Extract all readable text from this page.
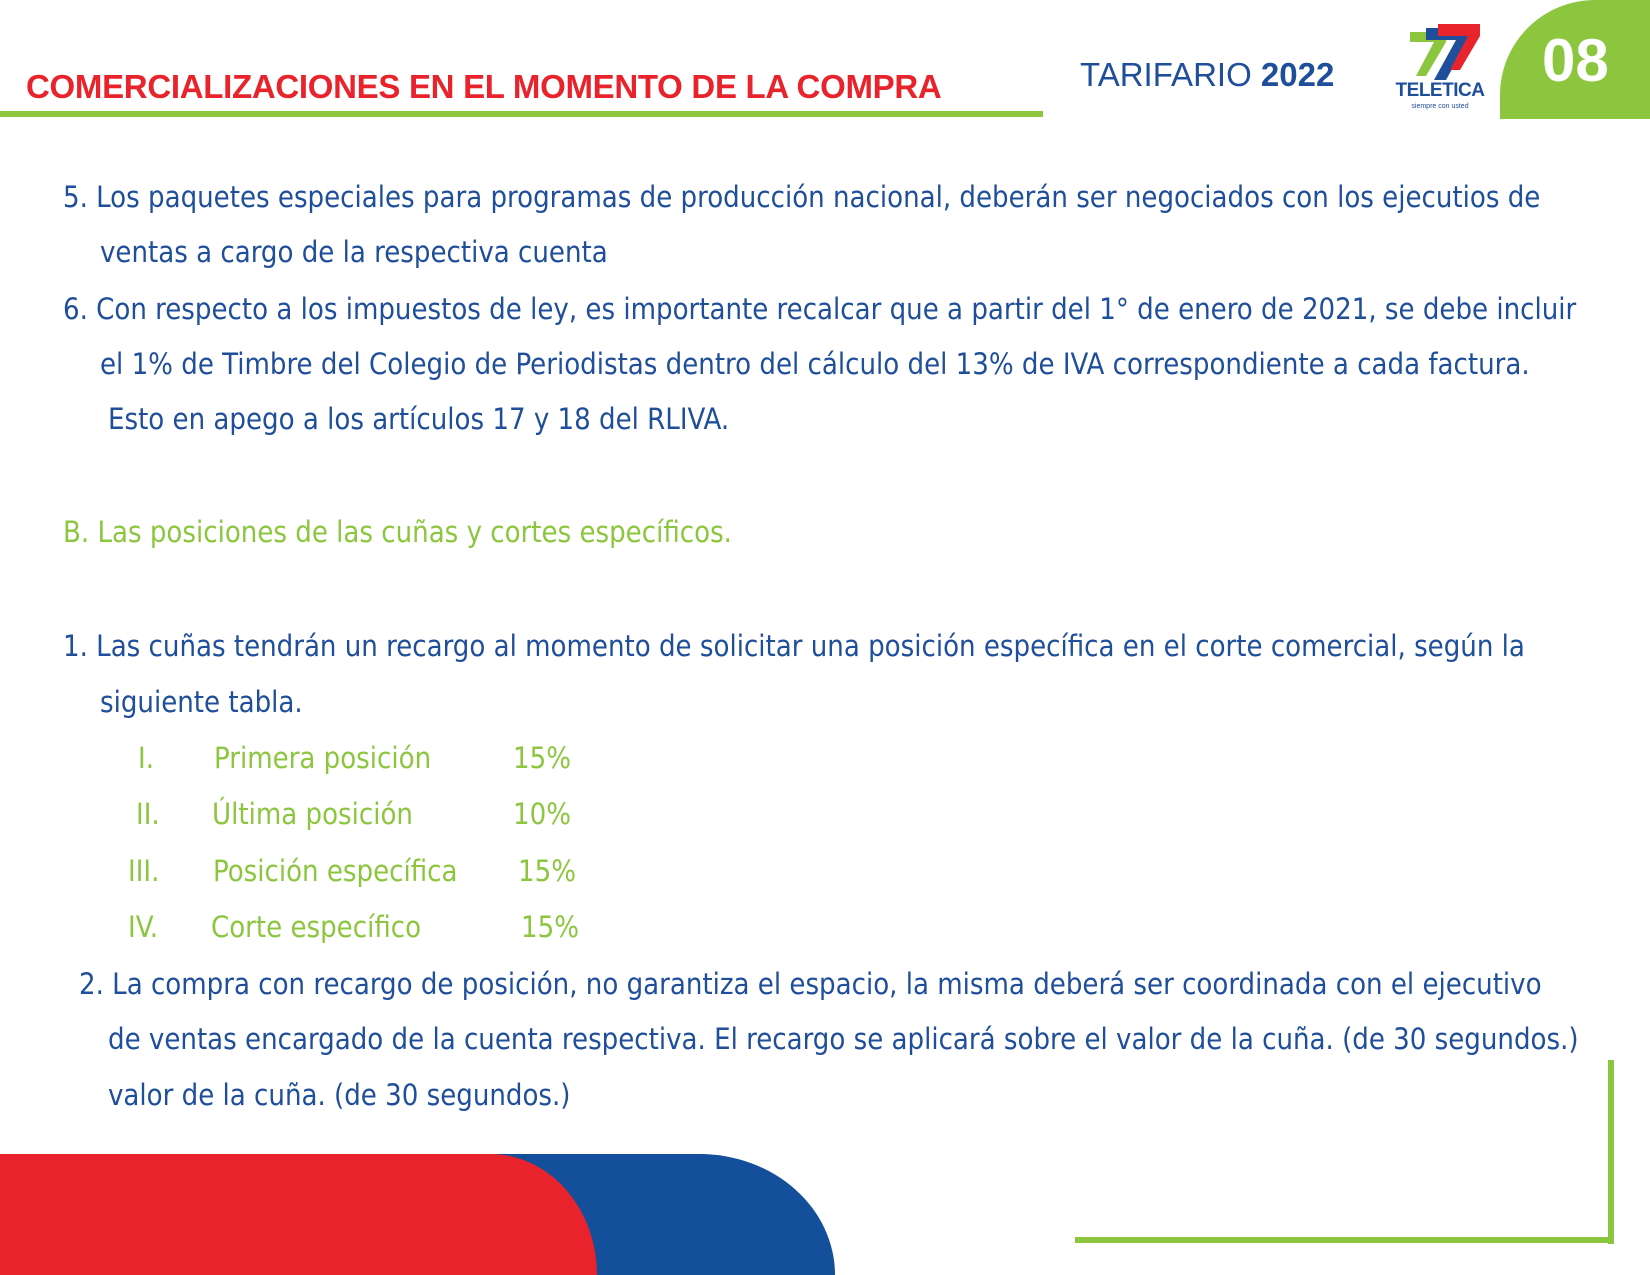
COMERCIALIZACIONES EN EL MOMENTO DE LA COMPRA	TARIFARIO 2022	TELETICA
siempre con usted
08
5. Los paquetes especiales para programas de producción nacional, deberán ser negociados con los ejecutios de
ventas a cargo de la respectiva cuenta
6. Con respecto a los impuestos de ley, es importante recalcar que a partir del 1° de enero de 2021, se debe incluir
el 1% de Timbre del Colegio de Periodistas dentro del cálculo del 13% de IVA correspondiente a cada factura.
Esto en apego a los artículos 17 y 18 del RLIVA.
B. Las posiciones de las cuñas y cortes específicos.
1. Las cuñas tendrán un recargo al momento de solicitar una posición específica en el corte comercial, según la
siguiente tabla.
I. Primera posición	15%
II. Última posición	10%
III. Posición específica 15%
IV. Corte específico	15%
2. La compra con recargo de posición, no garantiza el espacio, la misma deberá ser coordinada con el ejecutivo
de ventas encargado de la cuenta respectiva. El recargo se aplicará sobre el valor de la cuña. (de 30 segundos.)
valor de la cuña. (de 30 segundos.)
